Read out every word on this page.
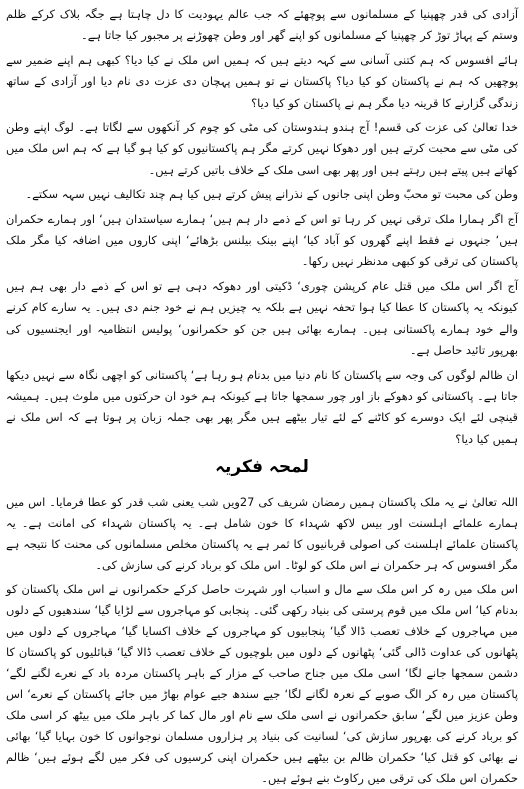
آزادی کی قدر چھپنیا کے مسلمانوں سے پوچھئے کہ جب عالم یہودیت کا دل چاہتا ہے جگہ بلاک کرکے ظلم وستم کے پہاڑ توڑ کر چھپنیا کے مسلمانوں کو اپنے گھر اور وطن چھوڑنے پر مجبور کیا جاتا ہے۔

ہائے افسوس کہ ہم کتنی آسانی سے کہہ دیتے ہیں کہ ہمیں اس ملک نے کیا دیا؟ کبھی ہم اپنے ضمیر سے پوچھیں کہ ہم نے پاکستان کو کیا دیا؟ پاکستان نے تو ہمیں پہچان دی عزت دی نام دیا اور آزادی کے ساتھ زندگی گزارنے کا قرینہ دیا مگر ہم نے پاکستان کو کیا دیا؟

خدا تعالیٰ کی عزت کی قسم! آج ہندو ہندوستان کی مٹی کو چوم کر آنکھوں سے لگاتا ہے۔ لوگ اپنے وطن کی مٹی سے محبت کرتے ہیں اور دھوکا نہیں کرتے مگر ہم پاکستانیوں کو کیا ہو گیا ہے کہ ہم اس ملک میں کھاتے ہیں پیتے ہیں رہتے ہیں اور پھر بھی اسی ملک کے خلاف باتیں کرتے ہیں۔

وطن کی محبت تو محبّ وطن اپنی جانوں کے نذرانے پیش کرتے ہیں کیا ہم چند تکالیف نہیں سہہ سکتے۔

آج اگر ہمارا ملک ترقی نہیں کر رہا تو اس کے ذمے دار ہم ہیں‘ ہمارے سیاستدان ہیں‘ اور ہمارے حکمران ہیں‘ جنہوں نے فقط اپنے گھروں کو آباد کیا‘ اپنے بینک بیلنس بڑھائے‘ اپنی کاروں میں اضافہ کیا مگر ملک پاکستان کی ترقی کو کبھی مدنظر نہیں رکھا۔

آج اگر اس ملک میں قتل عام کرپشن چوری‘ ڈکیتی اور دھوکہ دہی ہے تو اس کے ذمے دار بھی ہم ہیں کیونکہ یہ پاکستان کا عطا کیا ہوا تحفہ نہیں ہے بلکہ یہ چیزیں ہم نے خود جنم دی ہیں۔ یہ سارے کام کرنے والے خود ہمارے پاکستانی ہیں۔ ہمارے بھائی ہیں جن کو حکمرانوں‘ پولیس انتظامیہ اور ایجنسیوں کی بھرپور تائید حاصل ہے۔

ان ظالم لوگوں کی وجہ سے پاکستان کا نام دنیا میں بدنام ہو رہا ہے‘ پاکستانی کو اچھی نگاہ سے نہیں دیکھا جاتا ہے۔ پاکستانی کو دھوکے باز اور چور سمجھا جاتا ہے کیونکہ ہم خود ان حرکتوں میں ملوث ہیں۔ ہمیشہ قینچی لئے ایک دوسرے کو کاٹنے کے لئے تیار بیٹھے ہیں مگر پھر بھی جملہ زبان پر ہوتا ہے کہ اس ملک نے ہمیں کیا دیا؟

لمحہ فکریہ

اللہ تعالیٰ نے یہ ملک پاکستان ہمیں رمضان شریف کی 27ویں شب یعنی شب قدر کو عطا فرمایا۔ اس میں ہمارے علمائے اہلسنت اور بیس لاکھ شہداء کا خون شامل ہے۔ یہ پاکستان شہداء کی امانت ہے۔ یہ پاکستان علمائے اہلسنت کی اصولی قربانیوں کا ثمر ہے یہ پاکستان مخلص مسلمانوں کی محنت کا نتیجہ ہے مگر افسوس کہ ہر حکمران نے اس ملک کو لوٹا۔ اس ملک کو برباد کرنے کی سازش کی۔

اس ملک میں رہ کر اس ملک سے مال و اسباب اور شہرت حاصل کرکے حکمرانوں نے اس ملک پاکستان کو بدنام کیا‘ اس ملک میں قوم پرستی کی بنیاد رکھی گئی۔ پنجابی کو مہاجروں سے لڑایا گیا‘ سندھیوں کے دلوں میں مہاجروں کے خلاف تعصب ڈالا گیا‘ پنجابیوں کو مہاجروں کے خلاف اکسایا گیا‘ مہاجروں کے دلوں میں پٹھانوں کی عداوت ڈالی گئی‘ پٹھانوں کے دلوں میں بلوچیوں کے خلاف تعصب ڈالا گیا‘ قبائلیوں کو پاکستان کا دشمن سمجھا جانے لگا‘ اسی ملک میں جناح صاحب کے مزار کے باہر پاکستان مردہ باد کے نعرے لگنے لگے‘ پاکستان میں رہ کر الگ صوبے کے نعرہ لگانے لگا‘ جیے سندھ جیے عوام بھاڑ میں جائے پاکستان کے نعرے‘ اس وطن عزیز میں لگے‘ سابق حکمرانوں نے اسی ملک سے نام اور مال کما کر باہر ملک میں بیٹھ کر اسی ملک کو برباد کرنے کی بھرپور سازش کی‘ لسانیت کی بنیاد پر ہزاروں مسلمان نوجوانوں کا خون بہایا گیا‘ بھائی نے بھائی کو قتل کیا‘ حکمران ظالم بن بیٹھے ہیں حکمران اپنی کرسیوں کی فکر میں لگے ہوئے ہیں‘ ظالم حکمران اس ملک کی ترقی میں رکاوٹ بنے ہوئے ہیں۔
